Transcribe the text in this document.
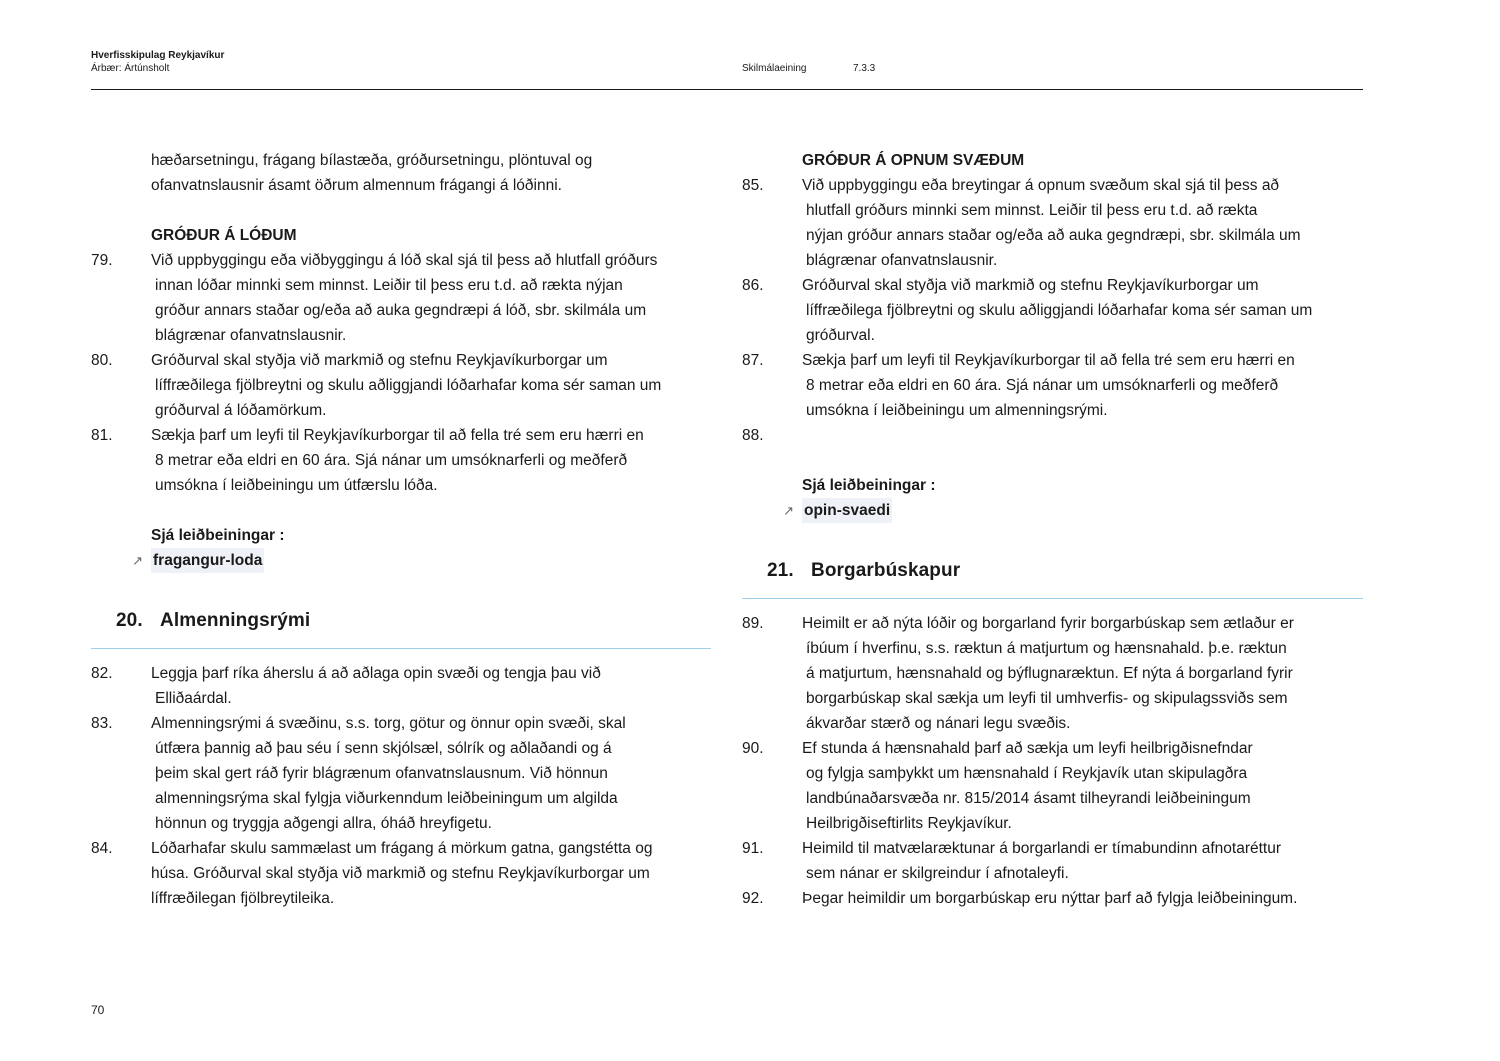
Hverfisskipulag Reykjavíkur
Árbær: Ártúnsholt	Skilmálaeining	7.3.3
hæðarsetningu, frágang bílastæða, gróðursetningu, plöntuval og
ofanvatnslausnir ásamt öðrum almennum frágangi á lóðinni.
GRÓÐUR Á LÓÐUM
79.	Við uppbyggingu eða viðbyggingu á lóð skal sjá til þess að hlutfall gróðurs
innan lóðar minnki sem minnst. Leiðir til þess eru t.d. að rækta nýjan
gróður annars staðar og/eða að auka gegndræpi á lóð, sbr. skilmála um
blágrænar ofanvatnslausnir.
80.	Gróðurval skal styðja við markmið og stefnu Reykjavíkurborgar um
líffræðilega fjölbreytni og skulu aðliggjandi lóðarhafar koma sér saman um
gróðurval á lóðamörkum.
81.	Sækja þarf um leyfi til Reykjavíkurborgar til að fella tré sem eru hærri en
8 metrar eða eldri en 60 ára. Sjá nánar um umsóknarferli og meðferð
umsókna í leiðbeiningu um útfærslu lóða.
Sjá leiðbeiningar :
↗ fragangur-loda
20. Almenningsrými
82.	Leggja þarf ríka áherslu á að aðlaga opin svæði og tengja þau við
Elliðaárdal.
83.	Almenningsrými á svæðinu, s.s. torg, götur og önnur opin svæði, skal
útfæra þannig að þau séu í senn skjólsæl, sólrík og aðlaðandi og á
þeim skal gert ráð fyrir blágrænum ofanvatnslausnum. Við hönnun
almenningsrýma skal fylgja viðurkenndum leiðbeiningum um algilda
hönnun og tryggja aðgengi allra, óháð hreyfigetu.
84.	Lóðarhafar skulu sammælast um frágang á mörkum gatna, gangstétta og
húsa. Gróðurval skal styðja við markmið og stefnu Reykjavíkurborgar um
líffræðilegan fjölbreytileika.
GRÓÐUR Á OPNUM SVÆÐUM
85.	Við uppbyggingu eða breytingar á opnum svæðum skal sjá til þess að
hlutfall gróðurs minnki sem minnst. Leiðir til þess eru t.d. að rækta
nýjan gróður annars staðar og/eða að auka gegndræpi, sbr. skilmála um
blágrænar ofanvatnslausnir.
86.	Gróðurval skal styðja við markmið og stefnu Reykjavíkurborgar um
líffræðilega fjölbreytni og skulu aðliggjandi lóðarhafar koma sér saman um
gróðurval.
87.	Sækja þarf um leyfi til Reykjavíkurborgar til að fella tré sem eru hærri en
8 metrar eða eldri en 60 ára. Sjá nánar um umsóknarferli og meðferð
umsókna í leiðbeiningu um almenningsrými.
88.
Sjá leiðbeiningar :
↗ opin-svaedi
21. Borgarbúskapur
89.	Heimilt er að nýta lóðir og borgarland fyrir borgarbúskap sem ætlaður er
íbúum í hverfinu, s.s. ræktun á matjurtum og hænsnahald. þ.e. ræktun
á matjurtum, hænsnahald og býflugnaræktun. Ef nýta á borgarland fyrir
borgarbúskap skal sækja um leyfi til umhverfis- og skipulagssviðs sem
ákvarðar stærð og nánari legu svæðis.
90.	Ef stunda á hænsnahald þarf að sækja um leyfi heilbrigðisnefndar
og fylgja samþykkt um hænsnahald í Reykjavík utan skipulagðra
landbúnaðarsvæða nr. 815/2014 ásamt tilheyrandi leiðbeiningum
Heilbrigðiseftirlits Reykjavíkur.
91.	Heimild til matvælaræktunar á borgarlandi er tímabundinn afnotaréttur
sem nánar er skilgreindur í afnotaleyfi.
92.	Þegar heimildir um borgarbúskap eru nýttar þarf að fylgja leiðbeiningum.
70
